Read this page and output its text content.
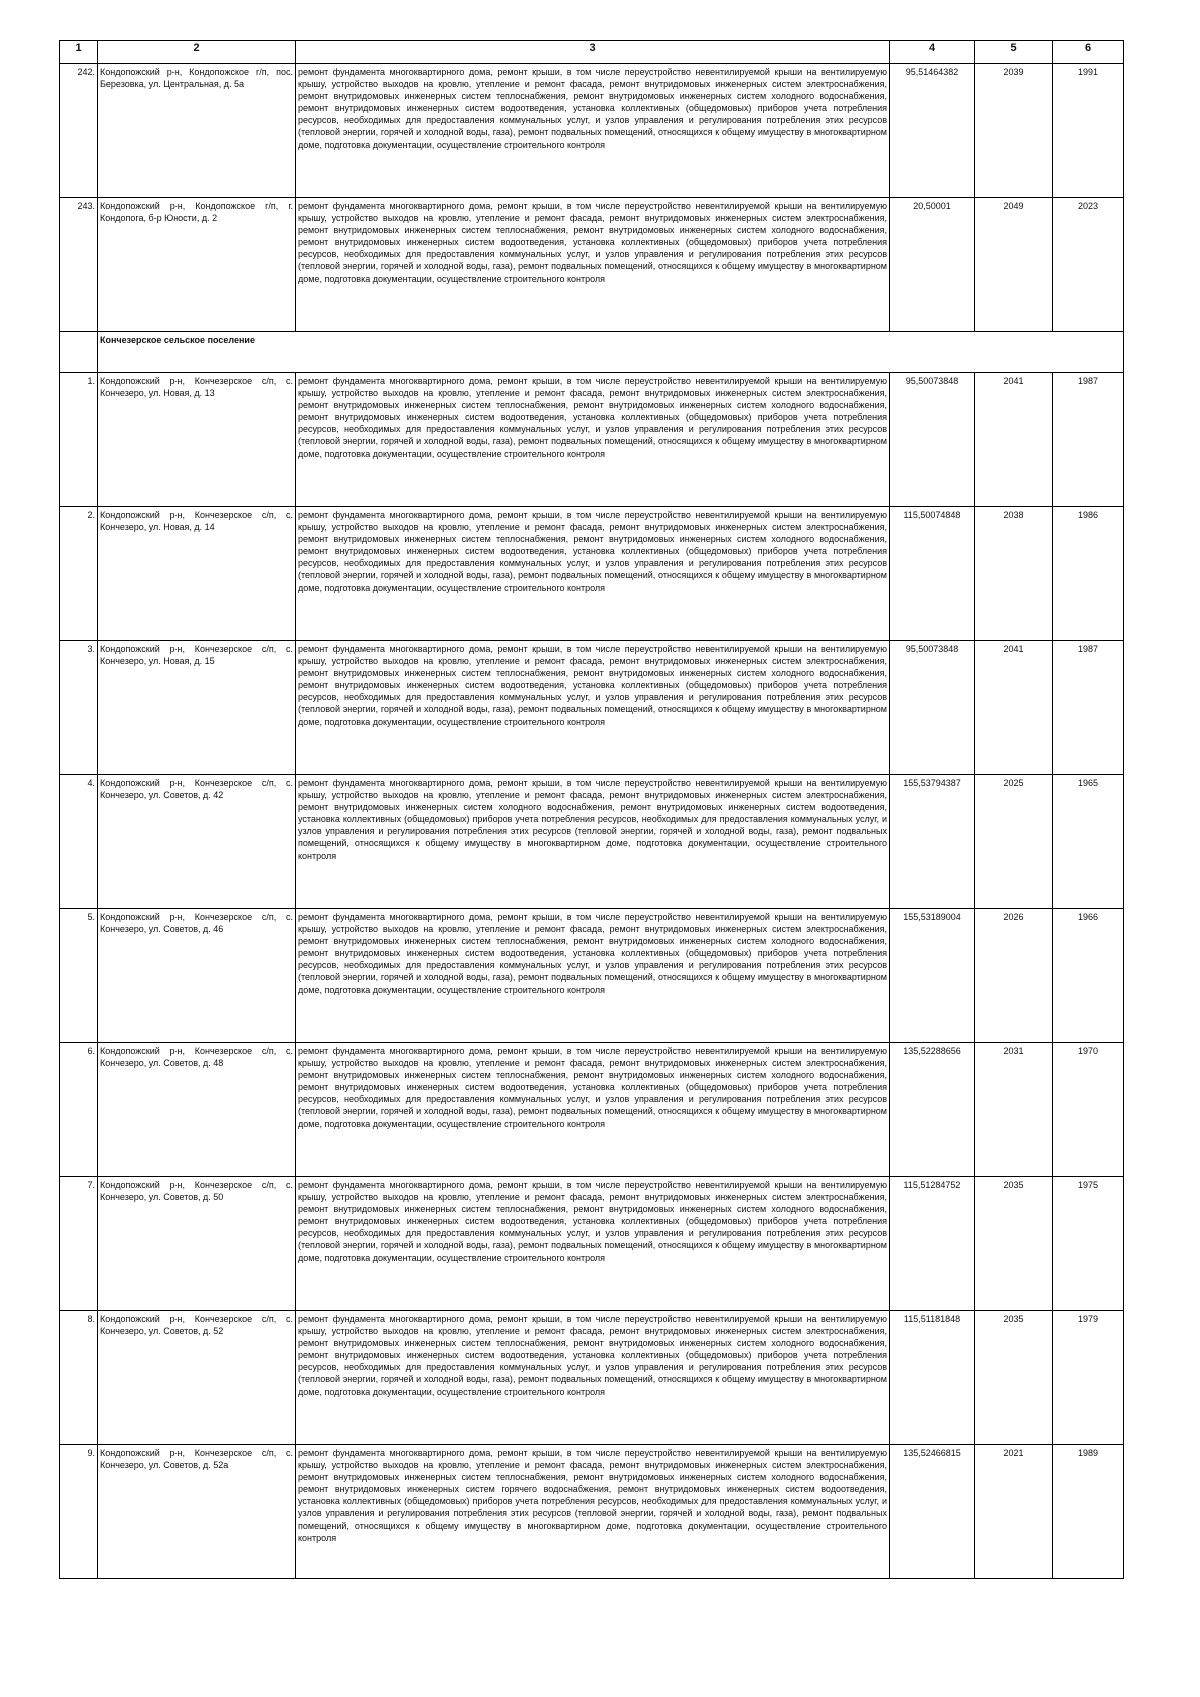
1	2	3	4	5	6
242.	Кондопожский р-н, Кондопожское г/п, пос. Березовка, ул. Центральная, д. 5а	ремонт фундамента многоквартирного дома, ремонт крыши, в том числе переустройство невентилируемой крыши на вентилируемую крышу, устройство выходов на кровлю, утепление и ремонт фасада, ремонт внутридомовых инженерных систем электроснабжения, ремонт внутридомовых инженерных систем теплоснабжения, ремонт внутридомовых инженерных систем холодного водоснабжения, ремонт внутридомовых инженерных систем водоотведения, установка коллективных (общедомовых) приборов учета потребления ресурсов, необходимых для предоставления коммунальных услуг, и узлов управления и регулирования потребления этих ресурсов (тепловой энергии, горячей и холодной воды, газа), ремонт подвальных помещений, относящихся к общему имуществу в многоквартирном доме, подготовка документации, осуществление строительного контроля	95,51464382	2039	1991
243.	Кондопожский р-н, Кондопожское г/п, г. Кондопога, б-р Юности, д. 2	ремонт фундамента многоквартирного дома, ремонт крыши, в том числе переустройство невентилируемой крыши на вентилируемую крышу, устройство выходов на кровлю, утепление и ремонт фасада, ремонт внутридомовых инженерных систем электроснабжения, ремонт внутридомовых инженерных систем теплоснабжения, ремонт внутридомовых инженерных систем холодного водоснабжения, ремонт внутридомовых инженерных систем водоотведения, установка коллективных (общедомовых) приборов учета потребления ресурсов, необходимых для предоставления коммунальных услуг, и узлов управления и регулирования потребления этих ресурсов (тепловой энергии, горячей и холодной воды, газа), ремонт подвальных помещений, относящихся к общему имуществу в многоквартирном доме, подготовка документации, осуществление строительного контроля	20,50001	2049	2023
	Кончезерское сельское поселение				
1.	Кондопожский р-н, Кончезерское с/п, с. Кончезеро, ул. Новая, д. 13	ремонт фундамента многоквартирного дома, ремонт крыши, в том числе переустройство невентилируемой крыши на вентилируемую крышу, устройство выходов на кровлю, утепление и ремонт фасада, ремонт внутридомовых инженерных систем электроснабжения, ремонт внутридомовых инженерных систем теплоснабжения, ремонт внутридомовых инженерных систем холодного водоснабжения, ремонт внутридомовых инженерных систем водоотведения, установка коллективных (общедомовых) приборов учета потребления ресурсов, необходимых для предоставления коммунальных услуг, и узлов управления и регулирования потребления этих ресурсов (тепловой энергии, горячей и холодной воды, газа), ремонт подвальных помещений, относящихся к общему имуществу в многоквартирном доме, подготовка документации, осуществление строительного контроля	95,50073848	2041	1987
2.	Кондопожский р-н, Кончезерское с/п, с. Кончезеро, ул. Новая, д. 14	ремонт фундамента многоквартирного дома, ремонт крыши, в том числе переустройство невентилируемой крыши на вентилируемую крышу, устройство выходов на кровлю, утепление и ремонт фасада, ремонт внутридомовых инженерных систем электроснабжения, ремонт внутридомовых инженерных систем теплоснабжения, ремонт внутридомовых инженерных систем холодного водоснабжения, ремонт внутридомовых инженерных систем водоотведения, установка коллективных (общедомовых) приборов учета потребления ресурсов, необходимых для предоставления коммунальных услуг, и узлов управления и регулирования потребления этих ресурсов (тепловой энергии, горячей и холодной воды, газа), ремонт подвальных помещений, относящихся к общему имуществу в многоквартирном доме, подготовка документации, осуществление строительного контроля	115,50074848	2038	1986
3.	Кондопожский р-н, Кончезерское с/п, с. Кончезеро, ул. Новая, д. 15	ремонт фундамента многоквартирного дома, ремонт крыши, в том числе переустройство невентилируемой крыши на вентилируемую крышу, устройство выходов на кровлю, утепление и ремонт фасада, ремонт внутридомовых инженерных систем электроснабжения, ремонт внутридомовых инженерных систем теплоснабжения, ремонт внутридомовых инженерных систем холодного водоснабжения, ремонт внутридомовых инженерных систем водоотведения, установка коллективных (общедомовых) приборов учета потребления ресурсов, необходимых для предоставления коммунальных услуг, и узлов управления и регулирования потребления этих ресурсов (тепловой энергии, горячей и холодной воды, газа), ремонт подвальных помещений, относящихся к общему имуществу в многоквартирном доме, подготовка документации, осуществление строительного контроля	95,50073848	2041	1987
4.	Кондопожский р-н, Кончезерское с/п, с. Кончезеро, ул. Советов, д. 42	ремонт фундамента многоквартирного дома, ремонт крыши, в том числе переустройство невентилируемой крыши на вентилируемую крышу, устройство выходов на кровлю, утепление и ремонт фасада, ремонт внутридомовых инженерных систем электроснабжения, ремонт внутридомовых инженерных систем холодного водоснабжения, ремонт внутридомовых инженерных систем водоотведения, установка коллективных (общедомовых) приборов учета потребления ресурсов, необходимых для предоставления коммунальных услуг, и узлов управления и регулирования потребления этих ресурсов (тепловой энергии, горячей и холодной воды, газа), ремонт подвальных помещений, относящихся к общему имуществу в многоквартирном доме, подготовка документации, осуществление строительного контроля	155,53794387	2025	1965
5.	Кондопожский р-н, Кончезерское с/п, с. Кончезеро, ул. Советов, д. 46	ремонт фундамента многоквартирного дома, ремонт крыши, в том числе переустройство невентилируемой крыши на вентилируемую крышу, устройство выходов на кровлю, утепление и ремонт фасада, ремонт внутридомовых инженерных систем электроснабжения, ремонт внутридомовых инженерных систем теплоснабжения, ремонт внутридомовых инженерных систем холодного водоснабжения, ремонт внутридомовых инженерных систем водоотведения, установка коллективных (общедомовых) приборов учета потребления ресурсов, необходимых для предоставления коммунальных услуг, и узлов управления и регулирования потребления этих ресурсов (тепловой энергии, горячей и холодной воды, газа), ремонт подвальных помещений, относящихся к общему имуществу в многоквартирном доме, подготовка документации, осуществление строительного контроля	155,53189004	2026	1966
6.	Кондопожский р-н, Кончезерское с/п, с. Кончезеро, ул. Советов, д. 48	ремонт фундамента многоквартирного дома, ремонт крыши, в том числе переустройство невентилируемой крыши на вентилируемую крышу, устройство выходов на кровлю, утепление и ремонт фасада, ремонт внутридомовых инженерных систем электроснабжения, ремонт внутридомовых инженерных систем теплоснабжения, ремонт внутридомовых инженерных систем холодного водоснабжения, ремонт внутридомовых инженерных систем водоотведения, установка коллективных (общедомовых) приборов учета потребления ресурсов, необходимых для предоставления коммунальных услуг, и узлов управления и регулирования потребления этих ресурсов (тепловой энергии, горячей и холодной воды, газа), ремонт подвальных помещений, относящихся к общему имуществу в многоквартирном доме, подготовка документации, осуществление строительного контроля	135,52288656	2031	1970
7.	Кондопожский р-н, Кончезерское с/п, с. Кончезеро, ул. Советов, д. 50	ремонт фундамента многоквартирного дома, ремонт крыши, в том числе переустройство невентилируемой крыши на вентилируемую крышу, устройство выходов на кровлю, утепление и ремонт фасада, ремонт внутридомовых инженерных систем электроснабжения, ремонт внутридомовых инженерных систем теплоснабжения, ремонт внутридомовых инженерных систем холодного водоснабжения, ремонт внутридомовых инженерных систем водоотведения, установка коллективных (общедомовых) приборов учета потребления ресурсов, необходимых для предоставления коммунальных услуг, и узлов управления и регулирования потребления этих ресурсов (тепловой энергии, горячей и холодной воды, газа), ремонт подвальных помещений, относящихся к общему имуществу в многоквартирном доме, подготовка документации, осуществление строительного контроля	115,51284752	2035	1975
8.	Кондопожский р-н, Кончезерское с/п, с. Кончезеро, ул. Советов, д. 52	ремонт фундамента многоквартирного дома, ремонт крыши, в том числе переустройство невентилируемой крыши на вентилируемую крышу, устройство выходов на кровлю, утепление и ремонт фасада, ремонт внутридомовых инженерных систем электроснабжения, ремонт внутридомовых инженерных систем теплоснабжения, ремонт внутридомовых инженерных систем холодного водоснабжения, ремонт внутридомовых инженерных систем водоотведения, установка коллективных (общедомовых) приборов учета потребления ресурсов, необходимых для предоставления коммунальных услуг, и узлов управления и регулирования потребления этих ресурсов (тепловой энергии, горячей и холодной воды, газа), ремонт подвальных помещений, относящихся к общему имуществу в многоквартирном доме, подготовка документации, осуществление строительного контроля	115,51181848	2035	1979
9.	Кондопожский р-н, Кончезерское с/п, с. Кончезеро, ул. Советов, д. 52а	ремонт фундамента многоквартирного дома, ремонт крыши, в том числе переустройство невентилируемой крыши на вентилируемую крышу, устройство выходов на кровлю, утепление и ремонт фасада, ремонт внутридомовых инженерных систем электроснабжения, ремонт внутридомовых инженерных систем теплоснабжения, ремонт внутридомовых инженерных систем холодного водоснабжения, ремонт внутридомовых инженерных систем горячего водоснабжения, ремонт внутридомовых инженерных систем водоотведения, установка коллективных (общедомовых) приборов учета потребления ресурсов, необходимых для предоставления коммунальных услуг, и узлов управления и регулирования потребления этих ресурсов (тепловой энергии, горячей и холодной воды, газа), ремонт подвальных помещений, относящихся к общему имуществу в многоквартирном доме, подготовка документации, осуществление строительного контроля	135,52466815	2021	1989
